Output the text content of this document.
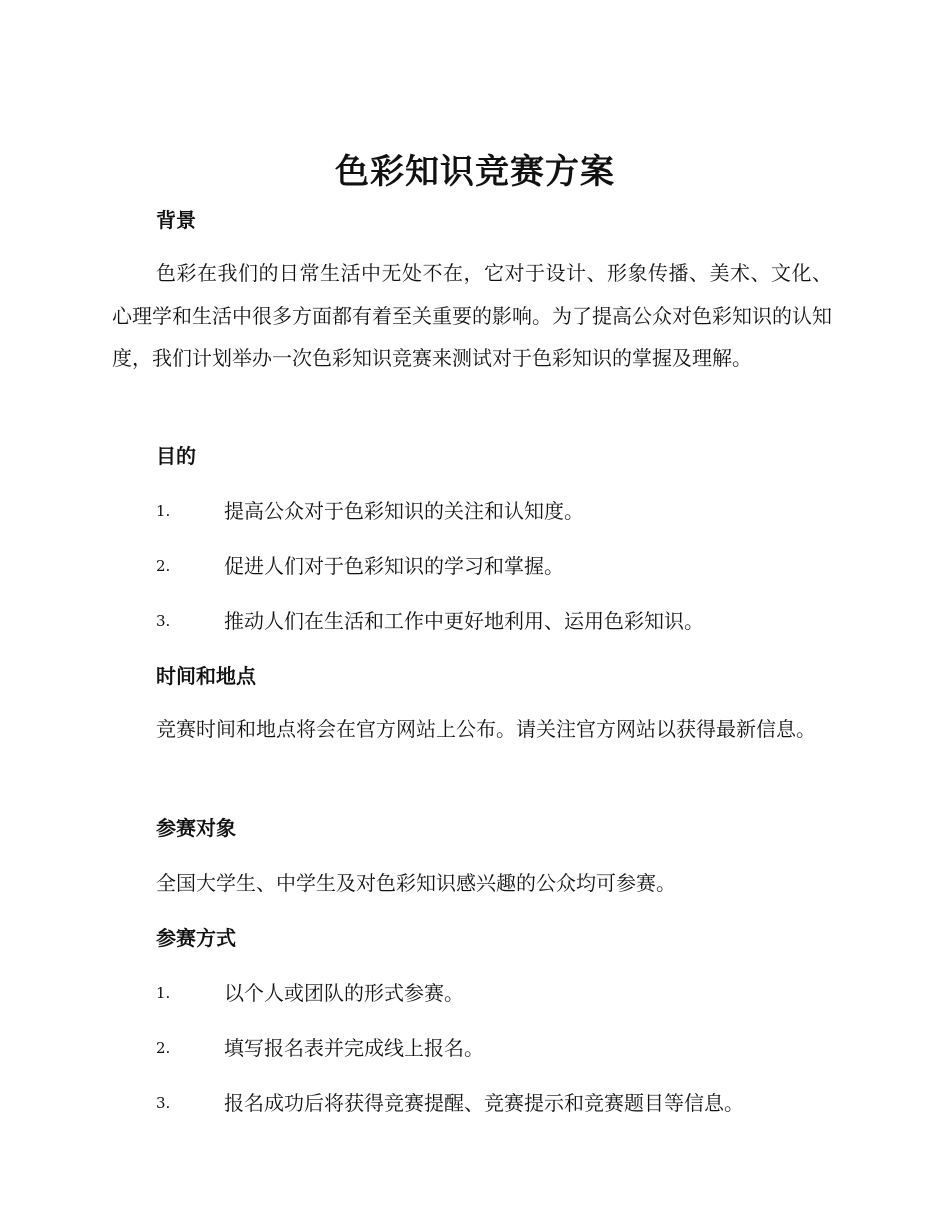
色彩知识竞赛方案
背景

色彩在我们的日常生活中无处不在，它对于设计、形象传播、美术、文化、心理学和生活中很多方面都有着至关重要的影响。为了提高公众对色彩知识的认知度，我们计划举办一次色彩知识竞赛来测试对于色彩知识的掌握及理解。

目的
1.	提高公众对于色彩知识的关注和认知度。
2.	促进人们对于色彩知识的学习和掌握。
3.	推动人们在生活和工作中更好地利用、运用色彩知识。
时间和地点

竞赛时间和地点将会在官方网站上公布。请关注官方网站以获得最新信息。

参赛对象
全国大学生、中学生及对色彩知识感兴趣的公众均可参赛。
参赛方式
1.	以个人或团队的形式参赛。
2.	填写报名表并完成线上报名。
3.	报名成功后将获得竞赛提醒、竞赛提示和竞赛题目等信息。
